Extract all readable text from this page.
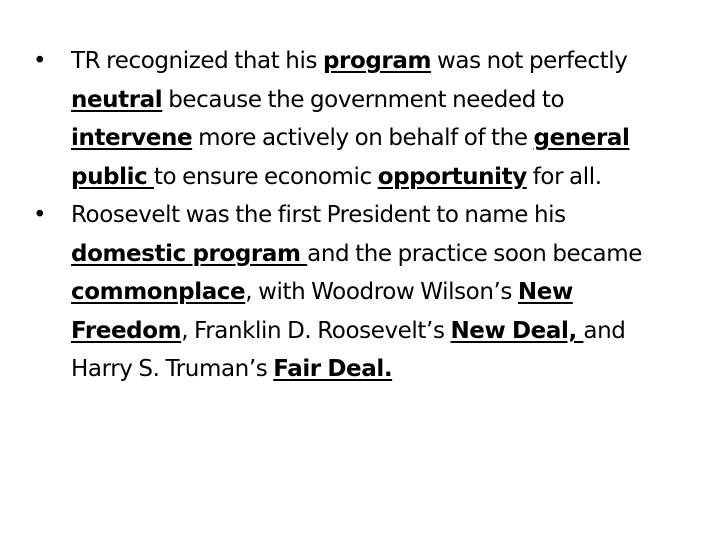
•	TR recognized that his program was not perfectly neutral because the government needed to intervene more actively on behalf of the general public to ensure economic opportunity for all.
•	Roosevelt was the first President to name his domestic program and the practice soon became commonplace, with Woodrow Wilson’s New Freedom, Franklin D. Roosevelt’s New Deal, and Harry S. Truman’s Fair Deal.
